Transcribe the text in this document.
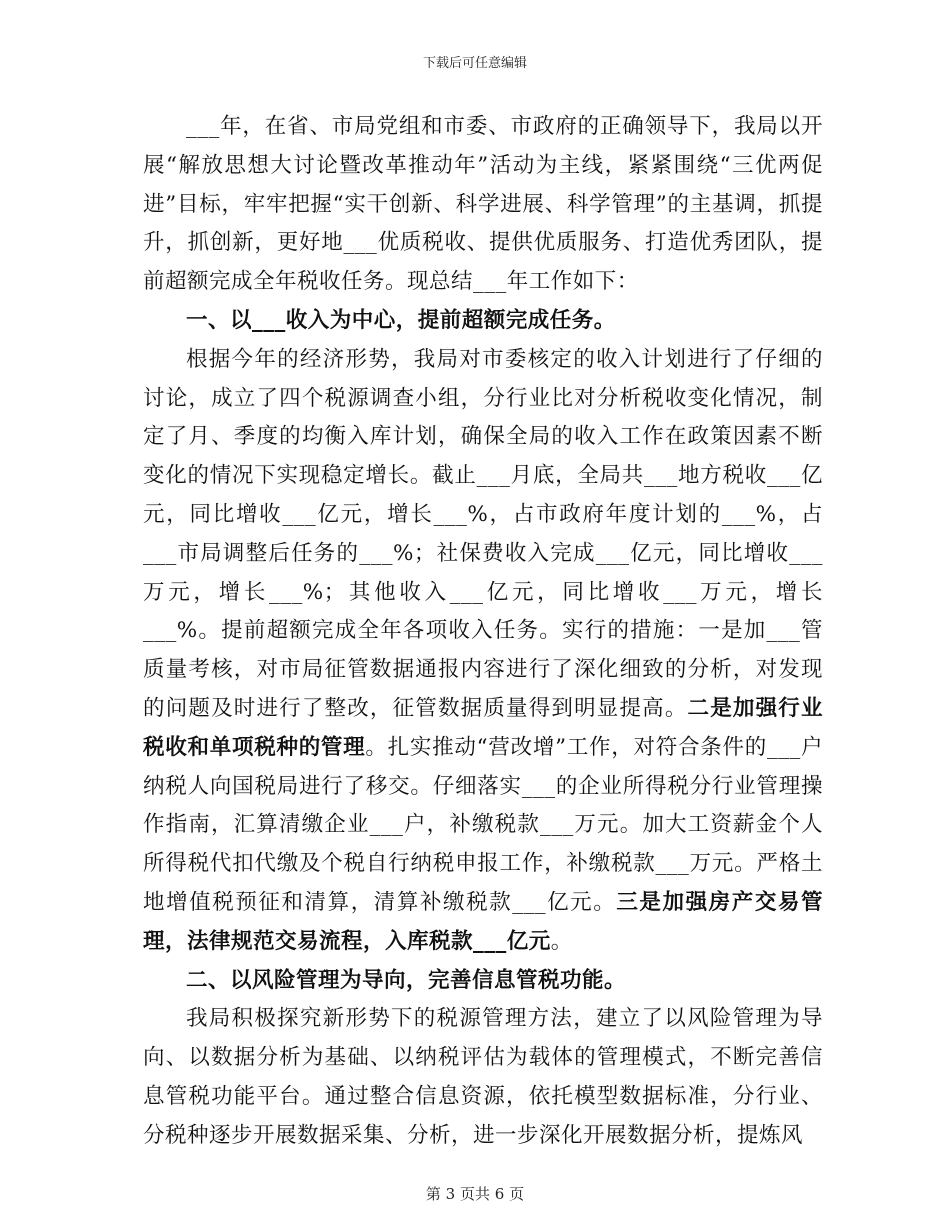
下载后可任意编辑

___年，在省、市局党组和市委、市政府的正确领导下，我局以开展“解放思想大讨论暨改革推动年”活动为主线，紧紧围绕“三优两促进”目标，牢牢把握“实干创新、科学进展、科学管理”的主基调，抓提升，抓创新，更好地___优质税收、提供优质服务、打造优秀团队，提前超额完成全年税收任务。现总结___年工作如下：

一、以___收入为中心，提前超额完成任务。

根据今年的经济形势，我局对市委核定的收入计划进行了仔细的讨论，成立了四个税源调查小组，分行业比对分析税收变化情况，制定了月、季度的均衡入库计划，确保全局的收入工作在政策因素不断变化的情况下实现稳定增长。截止___月底，全局共___地方税收___亿元，同比增收___亿元，增长___%，占市政府年度计划的___%，占___市局调整后任务的___%；社保费收入完成___亿元，同比增收___万元，增长___%；其他收入___亿元，同比增收___万元，增长___%。提前超额完成全年各项收入任务。实行的措施：一是加___管质量考核，对市局征管数据通报内容进行了深化细致的分析，对发现的问题及时进行了整改，征管数据质量得到明显提高。二是加强行业税收和单项税种的管理。扎实推动“营改增”工作，对符合条件的___户纳税人向国税局进行了移交。仔细落实___的企业所得税分行业管理操作指南，汇算清缴企业___户，补缴税款___万元。加大工资薪金个人所得税代扣代缴及个税自行纳税申报工作，补缴税款___万元。严格土地增值税预征和清算，清算补缴税款___亿元。三是加强房产交易管理，法律规范交易流程，入库税款___亿元。

二、以风险管理为导向，完善信息管税功能。

我局积极探究新形势下的税源管理方法，建立了以风险管理为导向、以数据分析为基础、以纳税评估为载体的管理模式，不断完善信息管税功能平台。通过整合信息资源，依托模型数据标准，分行业、分税种逐步开展数据采集、分析，进一步深化开展数据分析，提炼风

第 3 页共 6 页
